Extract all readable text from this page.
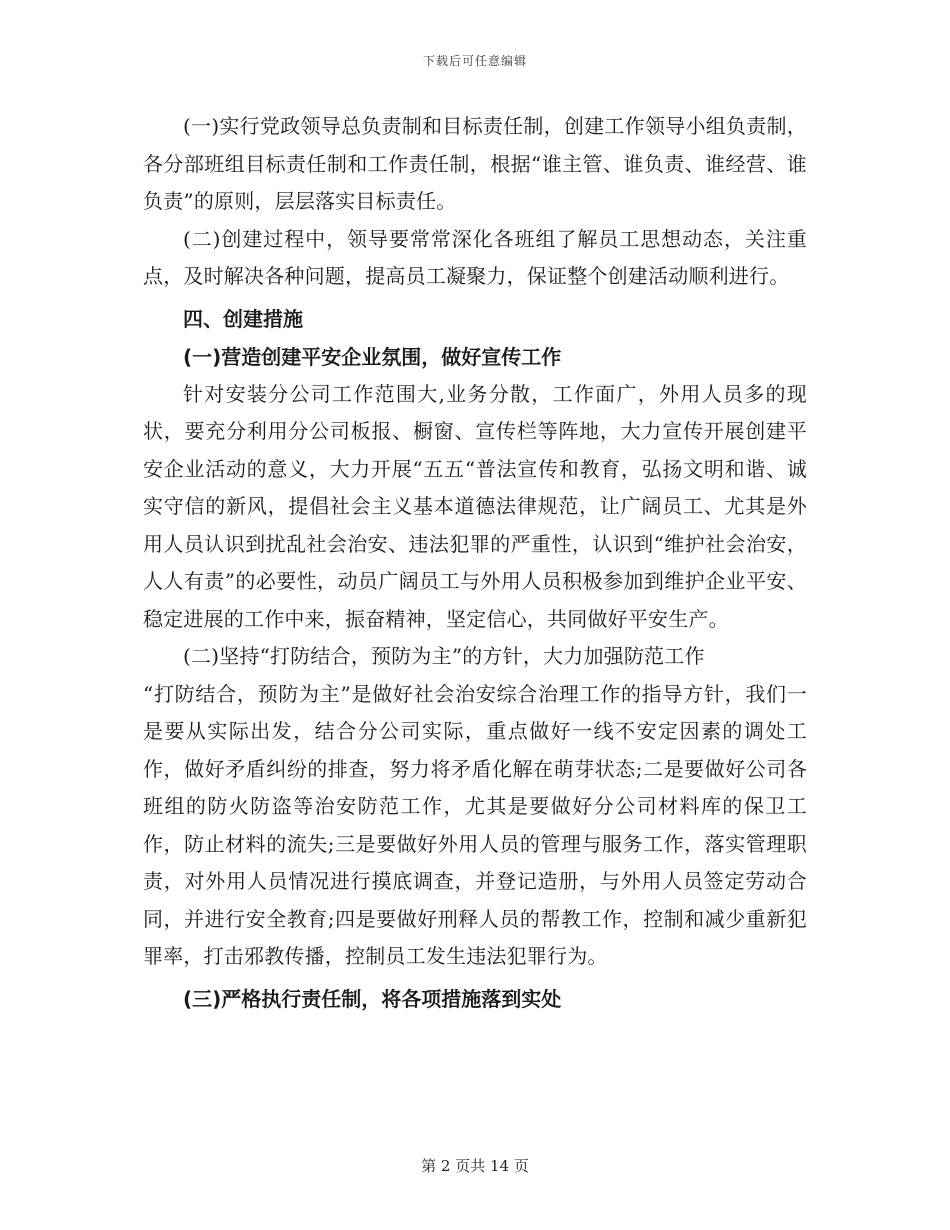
下载后可任意编辑

(一)实行党政领导总负责制和目标责任制，创建工作领导小组负责制，各分部班组目标责任制和工作责任制，根据“谁主管、谁负责、谁经营、谁负责”的原则，层层落实目标责任。

(二)创建过程中，领导要常常深化各班组了解员工思想动态，关注重点，及时解决各种问题，提高员工凝聚力，保证整个创建活动顺利进行。

四、创建措施

(一)营造创建平安企业氛围，做好宣传工作

针对安装分公司工作范围大,业务分散，工作面广，外用人员多的现状，要充分利用分公司板报、橱窗、宣传栏等阵地，大力宣传开展创建平安企业活动的意义，大力开展“五五“普法宣传和教育，弘扬文明和谐、诚实守信的新风，提倡社会主义基本道德法律规范，让广阔员工、尤其是外用人员认识到扰乱社会治安、违法犯罪的严重性，认识到“维护社会治安，人人有责”的必要性，动员广阔员工与外用人员积极参加到维护企业平安、稳定进展的工作中来，振奋精神，坚定信心，共同做好平安生产。

(二)坚持“打防结合，预防为主”的方针，大力加强防范工作

“打防结合，预防为主”是做好社会治安综合治理工作的指导方针，我们一是要从实际出发，结合分公司实际，重点做好一线不安定因素的调处工作，做好矛盾纠纷的排查，努力将矛盾化解在萌芽状态;二是要做好公司各班组的防火防盗等治安防范工作，尤其是要做好分公司材料库的保卫工作，防止材料的流失;三是要做好外用人员的管理与服务工作，落实管理职责，对外用人员情况进行摸底调查，并登记造册，与外用人员签定劳动合同，并进行安全教育;四是要做好刑释人员的帮教工作，控制和减少重新犯罪率，打击邪教传播，控制员工发生违法犯罪行为。

(三)严格执行责任制，将各项措施落到实处

第 2 页共 14 页
